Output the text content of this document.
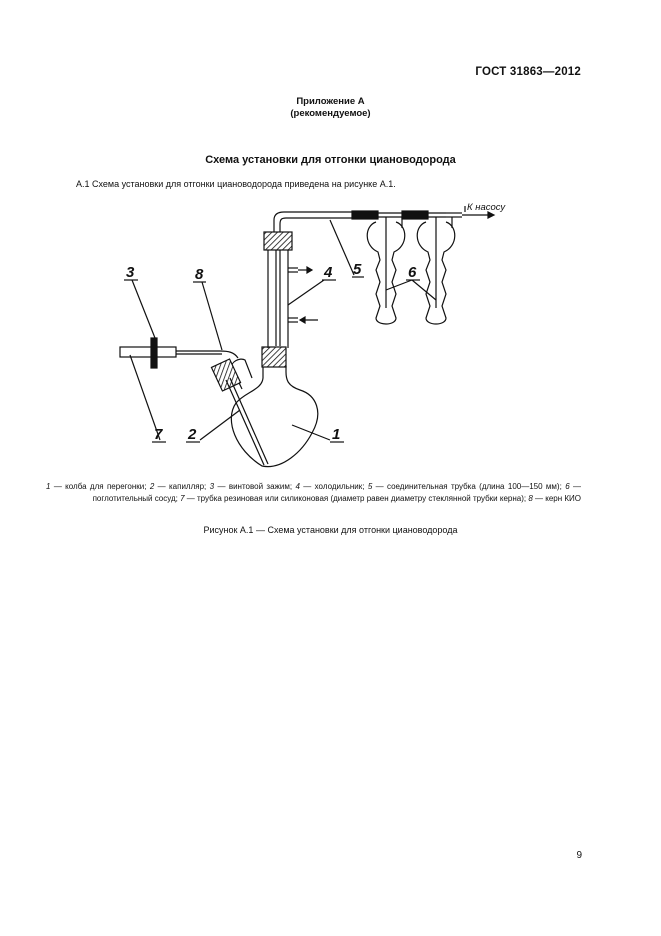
ГОСТ 31863—2012
Приложение А
(рекомендуемое)
Схема установки для отгонки циановодорода
А.1 Схема установки для отгонки циановодорода приведена на рисунке А.1.
3	8	4 5	6
7 2	1
К насосу
1 — колба для перегонки; 2 — капилляр; 3 — винтовой зажим; 4 — холодильник; 5 — соединительная трубка (длина 100—150 мм); 6 — поглотительный сосуд; 7 — трубка резиновая или силиконовая (диаметр равен диаметру стеклянной трубки керна); 8 — керн КИО
Рисунок А.1 — Схема установки для отгонки циановодорода
9
